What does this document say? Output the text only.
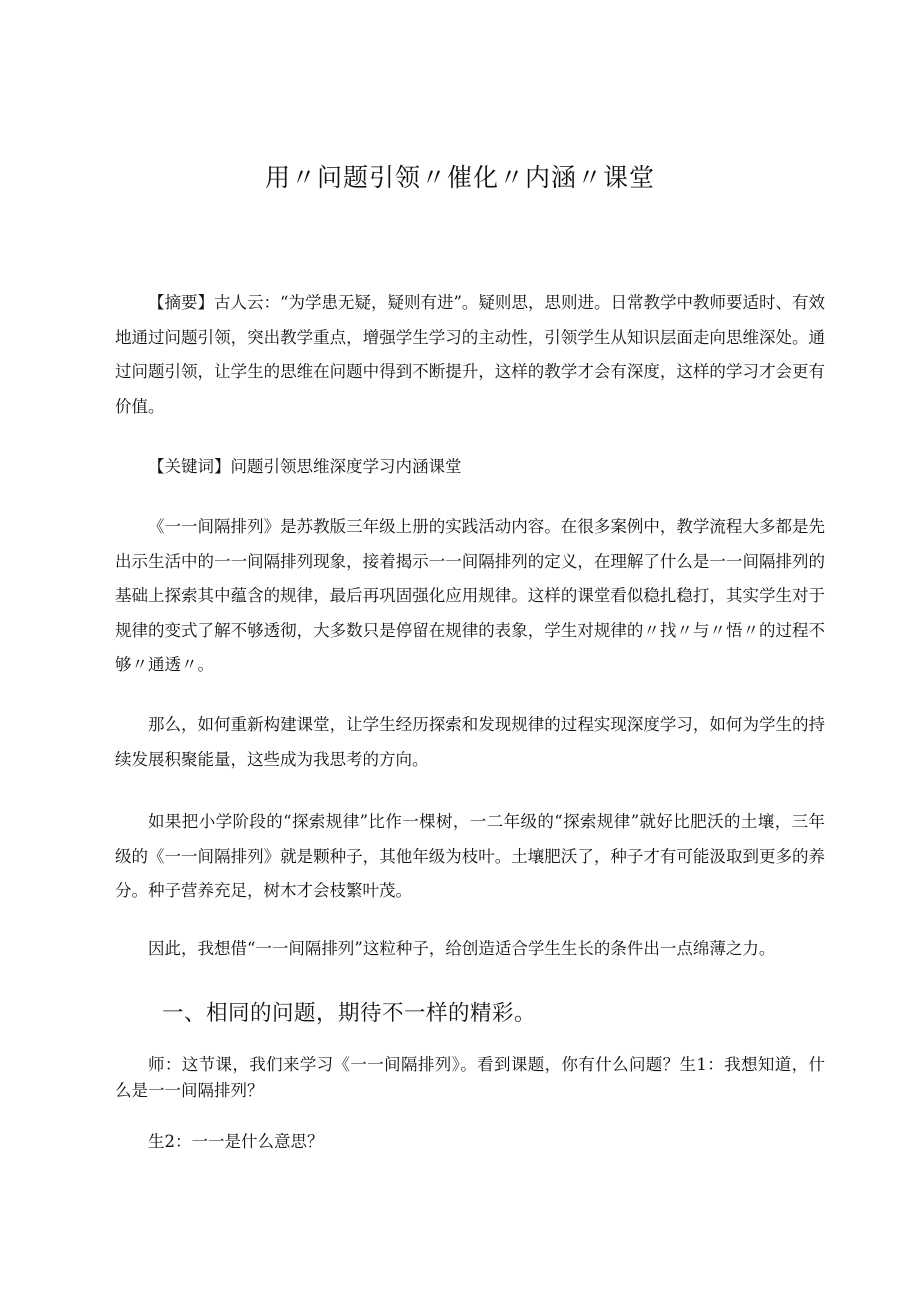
用〃问题引领〃催化〃内涵〃课堂

【摘要】古人云：“为学患无疑，疑则有进”。疑则思，思则进。日常教学中教师要适时、有效地通过问题引领，突出教学重点，增强学生学习的主动性，引领学生从知识层面走向思维深处。通过问题引领，让学生的思维在问题中得到不断提升，这样的教学才会有深度，这样的学习才会更有价值。

【关键词】问题引领思维深度学习内涵课堂

《一一间隔排列》是苏教版三年级上册的实践活动内容。在很多案例中，教学流程大多都是先出示生活中的一一间隔排列现象，接着揭示一一间隔排列的定义，在理解了什么是一一间隔排列的基础上探索其中蕴含的规律，最后再巩固强化应用规律。这样的课堂看似稳扎稳打，其实学生对于规律的变式了解不够透彻，大多数只是停留在规律的表象，学生对规律的〃找〃与〃悟〃的过程不够〃通透〃。

那么，如何重新构建课堂，让学生经历探索和发现规律的过程实现深度学习，如何为学生的持续发展积聚能量，这些成为我思考的方向。

如果把小学阶段的“探索规律”比作一棵树，一二年级的“探索规律”就好比肥沃的土壤，三年级的《一一间隔排列》就是颗种子，其他年级为枝叶。土壤肥沃了，种子才有可能汲取到更多的养分。种子营养充足，树木才会枝繁叶茂。

因此，我想借“一一间隔排列”这粒种子，给创造适合学生生长的条件出一点绵薄之力。

一、相同的问题，期待不一样的精彩。

师：这节课，我们来学习《一一间隔排列》。看到课题，你有什么问题？生1：我想知道，什么是一一间隔排列？

生2：一一是什么意思？
